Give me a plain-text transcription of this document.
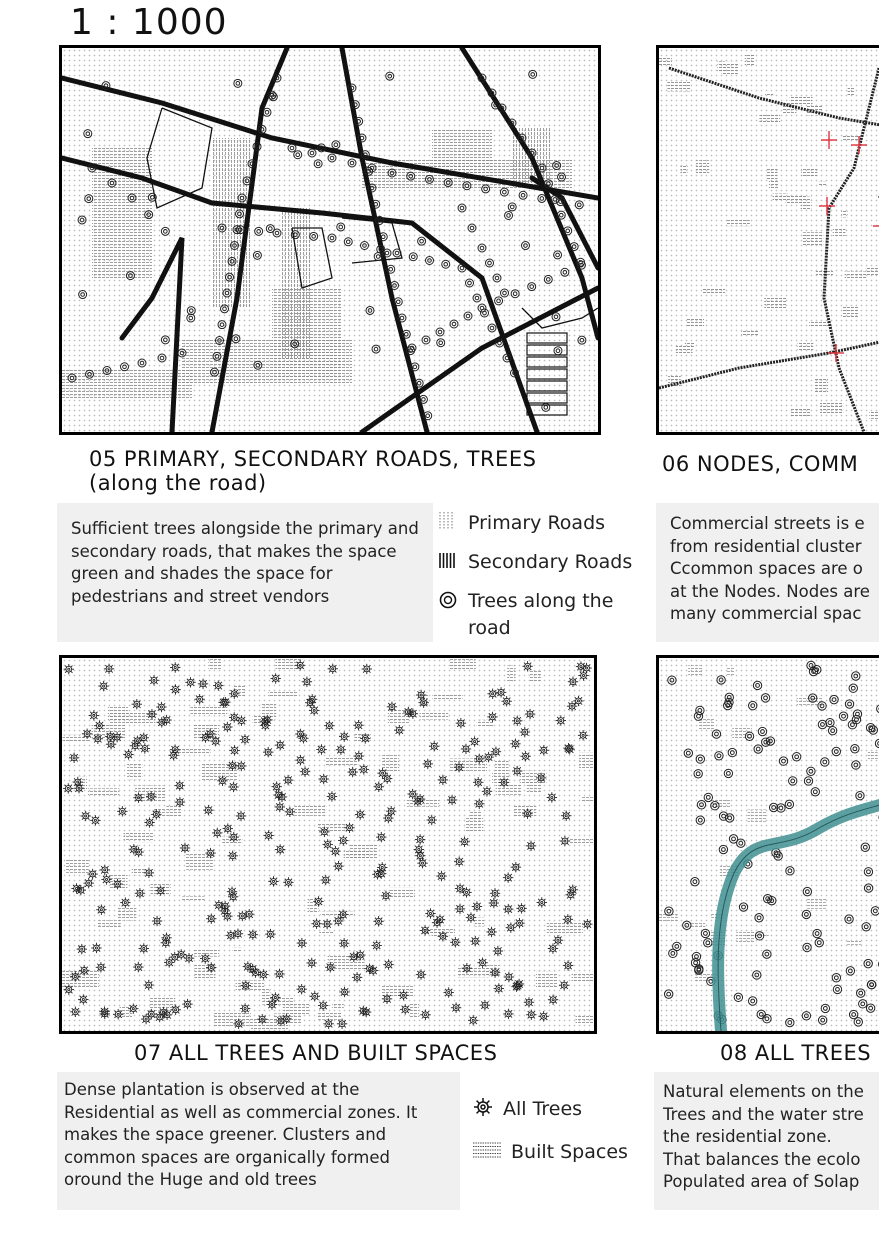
1 : 1000
05 PRIMARY, SECONDARY ROADS, TREES
(along the road)
Sufficient trees alongside the primary and secondary roads, that makes the space green and shades the space for pedestrians and street vendors
Primary Roads
Secondary Roads
Trees along the road
06 NODES, COMM
Commercial streets is e
from residential cluster
Ccommon spaces are o
at the Nodes. Nodes are
many commercial spac
07 ALL TREES AND BUILT SPACES
Dense plantation is observed at the Residential as well as commercial zones. It makes the space greener. Clusters and common spaces are organically formed oround the Huge and old trees
All Trees
Built Spaces
08 ALL TREES
Natural elements on the
Trees and the water stre
the residential zone.
That balances the ecolo
Populated area of Solap
